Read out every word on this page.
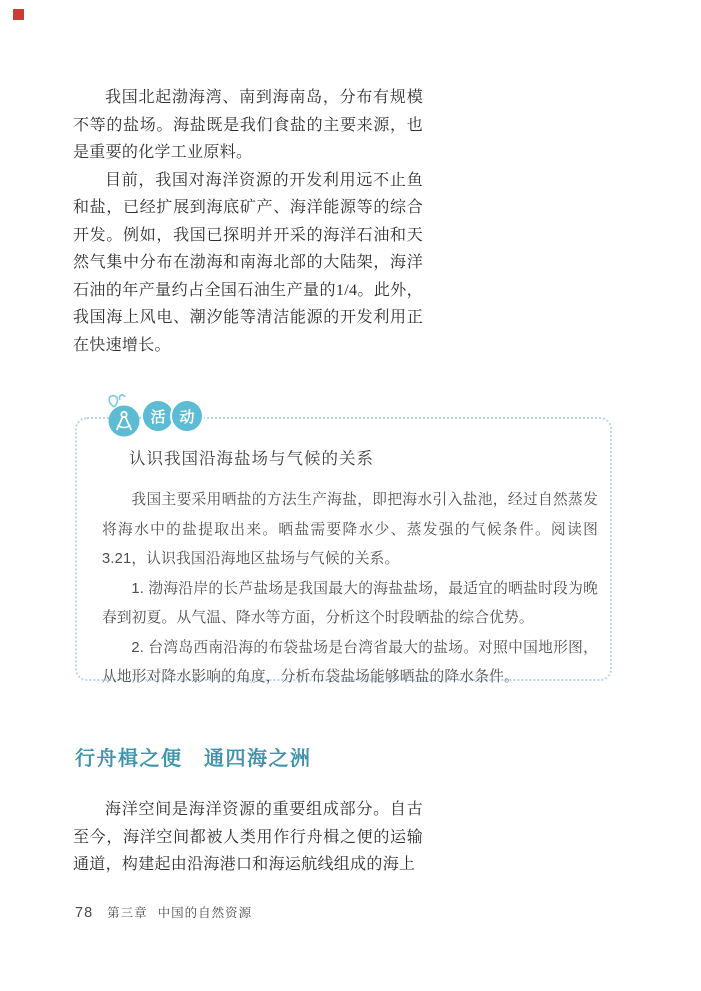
我国北起渤海湾、南到海南岛，分布有规模不等的盐场。海盐既是我们食盐的主要来源，也是重要的化学工业原料。

目前，我国对海洋资源的开发利用远不止鱼和盐，已经扩展到海底矿产、海洋能源等的综合开发。例如，我国已探明并开采的海洋石油和天然气集中分布在渤海和南海北部的大陆架，海洋石油的年产量约占全国石油生产量的1/4。此外，我国海上风电、潮汐能等清洁能源的开发利用正在快速增长。

认识我国沿海盐场与气候的关系

我国主要采用晒盐的方法生产海盐，即把海水引入盐池，经过自然蒸发将海水中的盐提取出来。晒盐需要降水少、蒸发强的气候条件。阅读图3.21，认识我国沿海地区盐场与气候的关系。

1. 渤海沿岸的长芦盐场是我国最大的海盐盐场，最适宜的晒盐时段为晚春到初夏。从气温、降水等方面，分析这个时段晒盐的综合优势。

2. 台湾岛西南沿海的布袋盐场是台湾省最大的盐场。对照中国地形图，从地形对降水影响的角度，分析布袋盐场能够晒盐的降水条件。

活 动
行舟楫之便　通四海之洲

海洋空间是海洋资源的重要组成部分。自古至今，海洋空间都被人类用作行舟楫之便的运输通道，构建起由沿海港口和海运航线组成的海上

78 第三章 中国的自然资源
